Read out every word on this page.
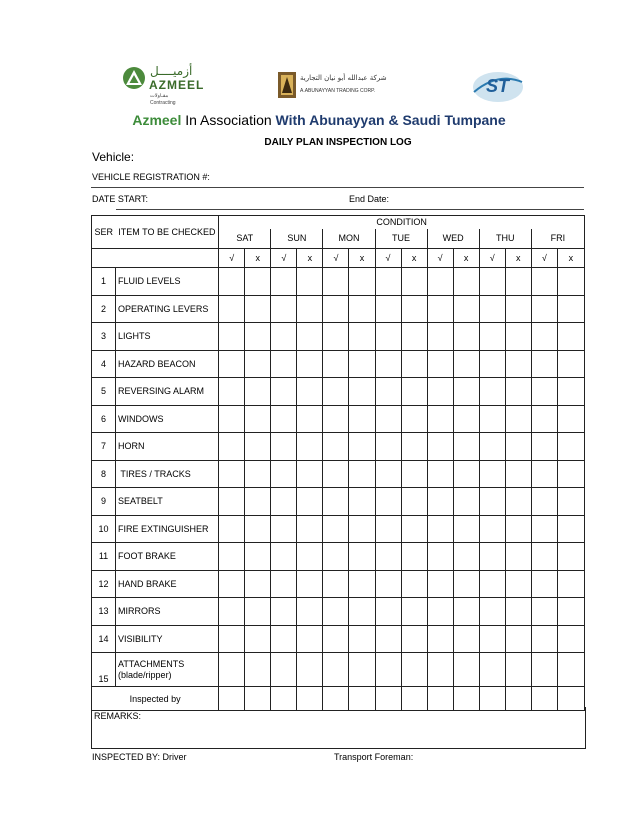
أزميــــل
AZMEEL
مقـاولات
Contracting
شركة عبدالله أبو نيان التجارية
A.ABUNAYYAN TRADING CORP.	ST
Azmeel In Association With Abunayyan & Saudi Tumpane
DAILY PLAN INSPECTION LOG
Vehicle:
VEHICLE REGISTRATION #:
DATE START:	End Date:
SER	ITEM TO BE CHECKED	CONDITION													
		SAT		SUN		MON		TUE		WED		THU		FRI	
		√	x	√	x	√	x	√	x	√	x	√	x	√	x
1	FLUID LEVELS														
2	OPERATING LEVERS														
3	LIGHTS														
4	HAZARD BEACON														
5	REVERSING ALARM														
6	WINDOWS														
7	HORN														
8	TIRES / TRACKS														
9	SEATBELT														
10	FIRE EXTINGUISHER														
11	FOOT BRAKE														
12	HAND BRAKE														
13	MIRRORS														
14	VISIBILITY														
15	ATTACHMENTS (blade/ripper)														
Inspected by															
REMARKS:
INSPECTED BY: Driver	Transport Foreman:
